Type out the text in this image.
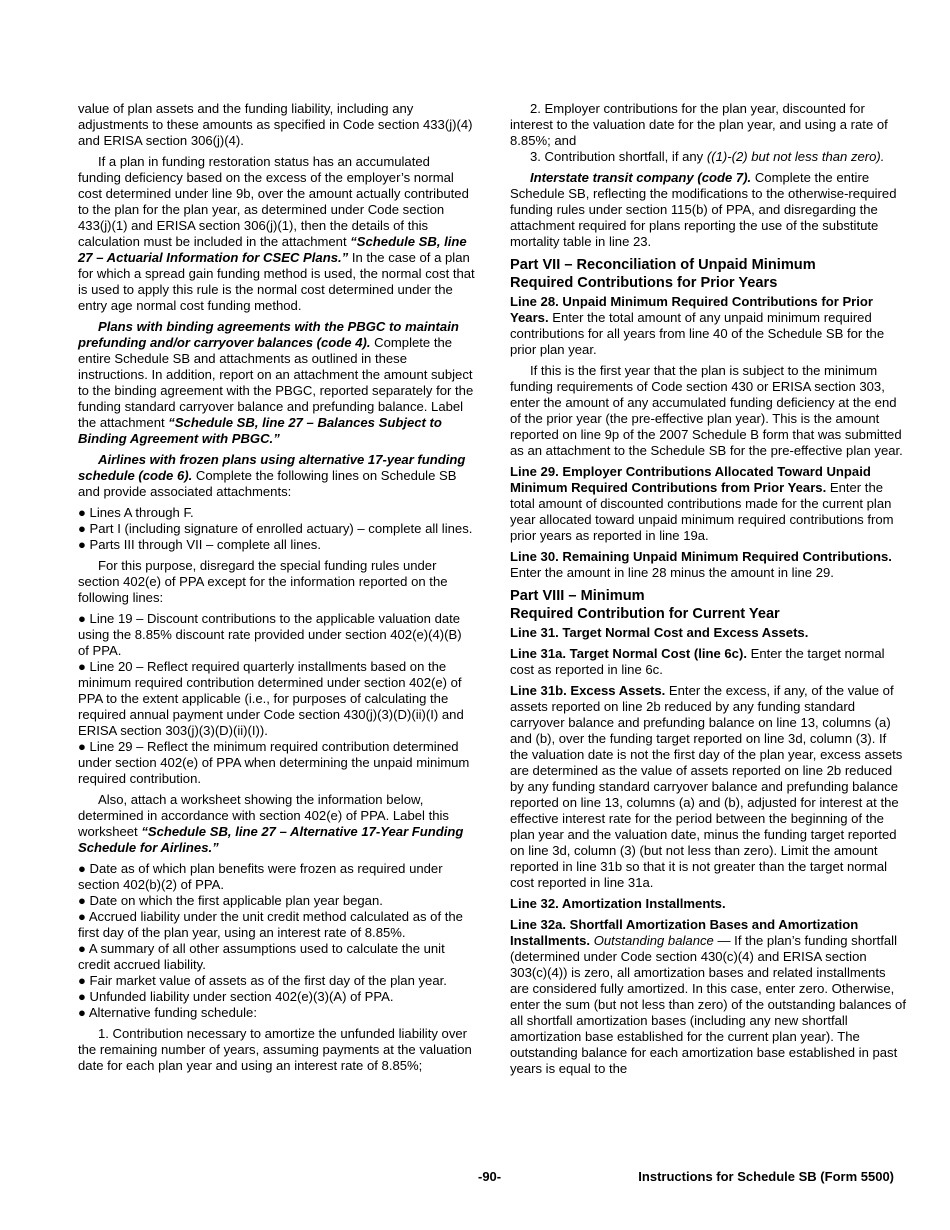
value of plan assets and the funding liability, including any adjustments to these amounts as specified in Code section 433(j)(4) and ERISA section 306(j)(4).

If a plan in funding restoration status has an accumulated funding deficiency based on the excess of the employer’s normal cost determined under line 9b, over the amount actually contributed to the plan for the plan year, as determined under Code section 433(j)(1) and ERISA section 306(j)(1), then the details of this calculation must be included in the attachment “Schedule SB, line 27 – Actuarial Information for CSEC Plans.” In the case of a plan for which a spread gain funding method is used, the normal cost that is used to apply this rule is the normal cost determined under the entry age normal cost funding method.

Plans with binding agreements with the PBGC to maintain prefunding and/or carryover balances (code 4). Complete the entire Schedule SB and attachments as outlined in these instructions. In addition, report on an attachment the amount subject to the binding agreement with the PBGC, reported separately for the funding standard carryover balance and prefunding balance. Label the attachment “Schedule SB, line 27 – Balances Subject to Binding Agreement with PBGC.”

Airlines with frozen plans using alternative 17-year funding schedule (code 6). Complete the following lines on Schedule SB and provide associated attachments:

● Lines A through F.

● Part I (including signature of enrolled actuary) – complete all lines.

● Parts III through VII – complete all lines.

For this purpose, disregard the special funding rules under section 402(e) of PPA except for the information reported on the following lines:

● Line 19 – Discount contributions to the applicable valuation date using the 8.85% discount rate provided under section 402(e)(4)(B) of PPA.

● Line 20 – Reflect required quarterly installments based on the minimum required contribution determined under section 402(e) of PPA to the extent applicable (i.e., for purposes of calculating the required annual payment under Code section 430(j)(3)(D)(ii)(I) and ERISA section 303(j)(3)(D)(ii)(I)).

● Line 29 – Reflect the minimum required contribution determined under section 402(e) of PPA when determining the unpaid minimum required contribution.

Also, attach a worksheet showing the information below, determined in accordance with section 402(e) of PPA. Label this worksheet “Schedule SB, line 27 – Alternative 17-Year Funding Schedule for Airlines.”

● Date as of which plan benefits were frozen as required under section 402(b)(2) of PPA.

● Date on which the first applicable plan year began.

● Accrued liability under the unit credit method calculated as of the first day of the plan year, using an interest rate of 8.85%.

● A summary of all other assumptions used to calculate the unit credit accrued liability.

● Fair market value of assets as of the first day of the plan year.

● Unfunded liability under section 402(e)(3)(A) of PPA.

● Alternative funding schedule:

1. Contribution necessary to amortize the unfunded liability over the remaining number of years, assuming payments at the valuation date for each plan year and using an interest rate of 8.85%;

2. Employer contributions for the plan year, discounted for interest to the valuation date for the plan year, and using a rate of 8.85%; and

3. Contribution shortfall, if any ((1)-(2) but not less than zero).

Interstate transit company (code 7). Complete the entire Schedule SB, reflecting the modifications to the otherwise-required funding rules under section 115(b) of PPA, and disregarding the attachment required for plans reporting the use of the substitute mortality table in line 23.

Part VII – Reconciliation of Unpaid Minimum
Required Contributions for Prior Years

Line 28. Unpaid Minimum Required Contributions for Prior Years. Enter the total amount of any unpaid minimum required contributions for all years from line 40 of the Schedule SB for the prior plan year.

If this is the first year that the plan is subject to the minimum funding requirements of Code section 430 or ERISA section 303, enter the amount of any accumulated funding deficiency at the end of the prior year (the pre-effective plan year). This is the amount reported on line 9p of the 2007 Schedule B form that was submitted as an attachment to the Schedule SB for the pre-effective plan year.

Line 29. Employer Contributions Allocated Toward Unpaid Minimum Required Contributions from Prior Years. Enter the total amount of discounted contributions made for the current plan year allocated toward unpaid minimum required contributions from prior years as reported in line 19a.

Line 30. Remaining Unpaid Minimum Required Contributions. Enter the amount in line 28 minus the amount in line 29.

Part VIII – Minimum
Required Contribution for Current Year

Line 31. Target Normal Cost and Excess Assets.

Line 31a. Target Normal Cost (line 6c). Enter the target normal cost as reported in line 6c.

Line 31b. Excess Assets. Enter the excess, if any, of the value of assets reported on line 2b reduced by any funding standard carryover balance and prefunding balance on line 13, columns (a) and (b), over the funding target reported on line 3d, column (3). If the valuation date is not the first day of the plan year, excess assets are determined as the value of assets reported on line 2b reduced by any funding standard carryover balance and prefunding balance reported on line 13, columns (a) and (b), adjusted for interest at the effective interest rate for the period between the beginning of the plan year and the valuation date, minus the funding target reported on line 3d, column (3) (but not less than zero). Limit the amount reported in line 31b so that it is not greater than the target normal cost reported in line 31a.

Line 32. Amortization Installments.

Line 32a. Shortfall Amortization Bases and Amortization Installments. Outstanding balance — If the plan’s funding shortfall (determined under Code section 430(c)(4) and ERISA section 303(c)(4)) is zero, all amortization bases and related installments are considered fully amortized. In this case, enter zero. Otherwise, enter the sum (but not less than zero) of the outstanding balances of all shortfall amortization bases (including any new shortfall amortization base established for the current plan year). The outstanding balance for each amortization base established in past years is equal to the

-90-	Instructions for Schedule SB (Form 5500)
